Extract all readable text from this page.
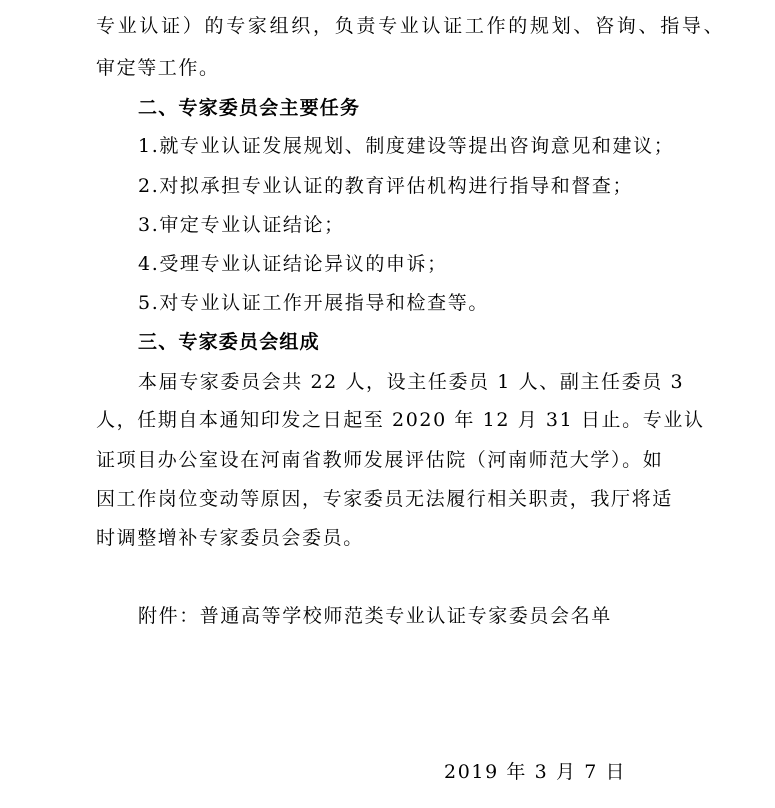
专业认证）的专家组织，负责专业认证工作的规划、咨询、指导、
审定等工作。
二、专家委员会主要任务
1.就专业认证发展规划、制度建设等提出咨询意见和建议；
2.对拟承担专业认证的教育评估机构进行指导和督查；
3.审定专业认证结论；
4.受理专业认证结论异议的申诉；
5.对专业认证工作开展指导和检查等。
三、专家委员会组成
本届专家委员会共 22 人，设主任委员 1 人、副主任委员 3
人，任期自本通知印发之日起至 2020 年 12 月 31 日止。专业认
证项目办公室设在河南省教师发展评估院（河南师范大学）。如
因工作岗位变动等原因，专家委员无法履行相关职责，我厅将适
时调整增补专家委员会委员。
附件：普通高等学校师范类专业认证专家委员会名单
2019 年 3 月 7 日
